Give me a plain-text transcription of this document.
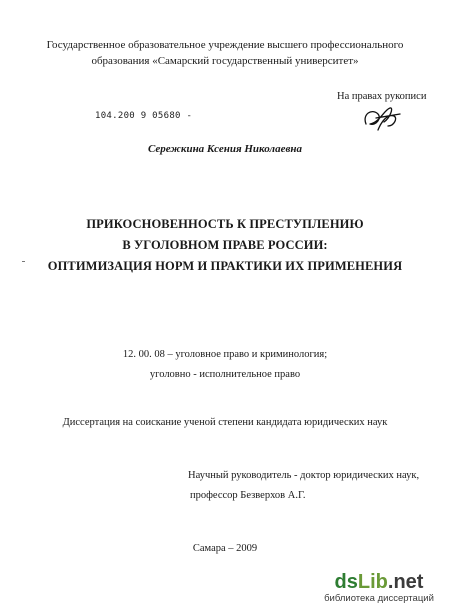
Государственное образовательное учреждение высшего профессионального
образования «Самарский государственный университет»
На правах рукописи
104.200 9 05680 -
Сережкина Ксения Николаевна
ПРИКОСНОВЕННОСТЬ К ПРЕСТУПЛЕНИЮ
В УГОЛОВНОМ ПРАВЕ РОССИИ:
ОПТИМИЗАЦИЯ НОРМ И ПРАКТИКИ ИХ ПРИМЕНЕНИЯ
12. 00. 08 – уголовное право и криминология;
уголовно - исполнительное право
Диссертация на соискание ученой степени кандидата юридических наук
Научный руководитель - доктор юридических наук,
профессор Безверхов А.Г.
Самара – 2009
dsLib.net
библиотека диссертаций
